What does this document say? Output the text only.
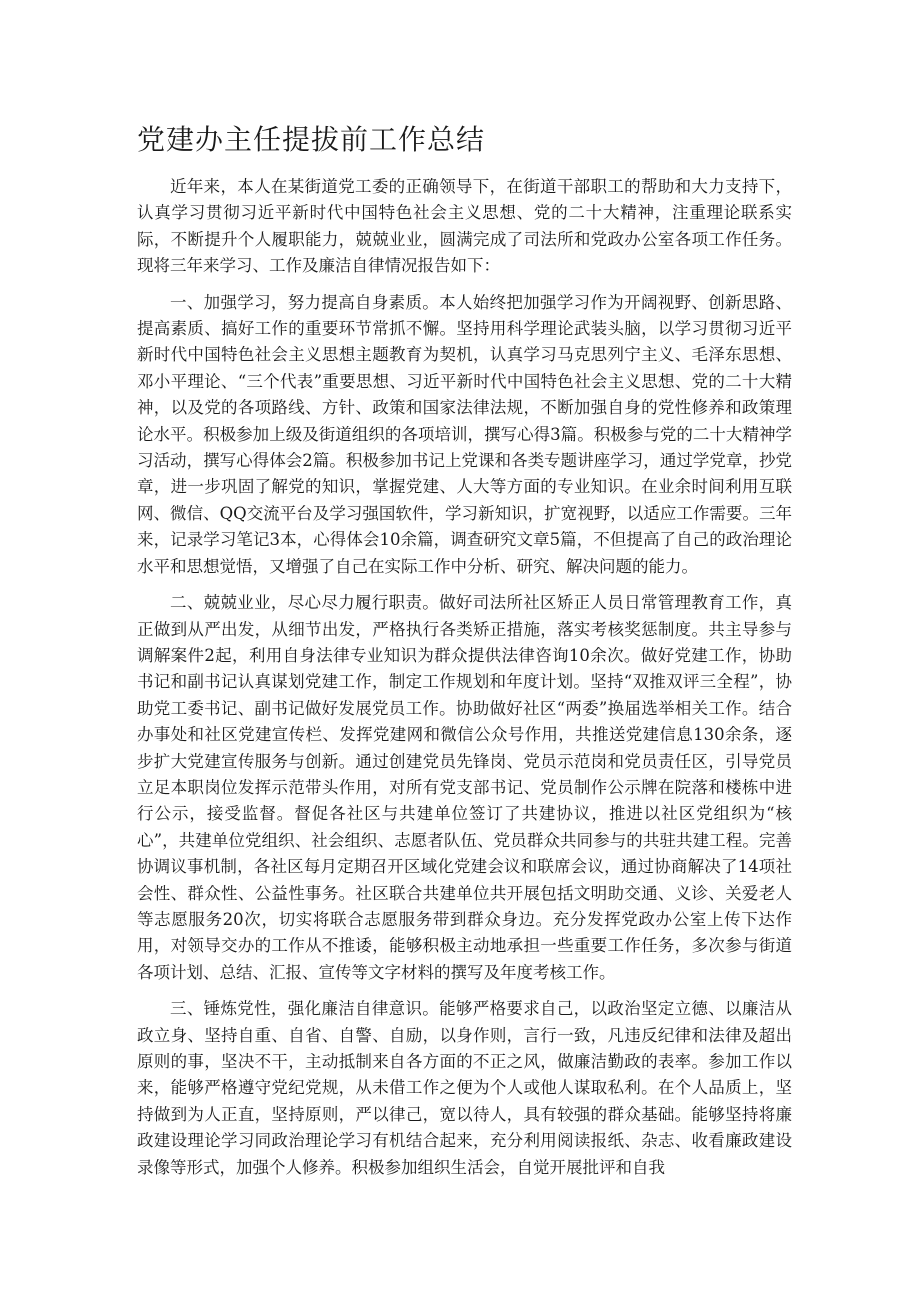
党建办主任提拔前工作总结

近年来，本人在某街道党工委的正确领导下，在街道干部职工的帮助和大力支持下，认真学习贯彻习近平新时代中国特色社会主义思想、党的二十大精神，注重理论联系实际，不断提升个人履职能力，兢兢业业，圆满完成了司法所和党政办公室各项工作任务。现将三年来学习、工作及廉洁自律情况报告如下：

一、加强学习，努力提高自身素质。本人始终把加强学习作为开阔视野、创新思路、提高素质、搞好工作的重要环节常抓不懈。坚持用科学理论武装头脑，以学习贯彻习近平新时代中国特色社会主义思想主题教育为契机，认真学习马克思列宁主义、毛泽东思想、邓小平理论、“三个代表”重要思想、习近平新时代中国特色社会主义思想、党的二十大精神，以及党的各项路线、方针、政策和国家法律法规，不断加强自身的党性修养和政策理论水平。积极参加上级及街道组织的各项培训，撰写心得3篇。积极参与党的二十大精神学习活动，撰写心得体会2篇。积极参加书记上党课和各类专题讲座学习，通过学党章，抄党章，进一步巩固了解党的知识，掌握党建、人大等方面的专业知识。在业余时间利用互联网、微信、QQ交流平台及学习强国软件，学习新知识，扩宽视野，以适应工作需要。三年来，记录学习笔记3本，心得体会10余篇，调查研究文章5篇，不但提高了自己的政治理论水平和思想觉悟，又增强了自己在实际工作中分析、研究、解决问题的能力。

二、兢兢业业，尽心尽力履行职责。做好司法所社区矫正人员日常管理教育工作，真正做到从严出发，从细节出发，严格执行各类矫正措施，落实考核奖惩制度。共主导参与调解案件2起，利用自身法律专业知识为群众提供法律咨询10余次。做好党建工作，协助书记和副书记认真谋划党建工作，制定工作规划和年度计划。坚持“双推双评三全程”，协助党工委书记、副书记做好发展党员工作。协助做好社区“两委”换届选举相关工作。结合办事处和社区党建宣传栏、发挥党建网和微信公众号作用，共推送党建信息130余条，逐步扩大党建宣传服务与创新。通过创建党员先锋岗、党员示范岗和党员责任区，引导党员立足本职岗位发挥示范带头作用，对所有党支部书记、党员制作公示牌在院落和楼栋中进行公示，接受监督。督促各社区与共建单位签订了共建协议，推进以社区党组织为“核心”，共建单位党组织、社会组织、志愿者队伍、党员群众共同参与的共驻共建工程。完善协调议事机制，各社区每月定期召开区域化党建会议和联席会议，通过协商解决了14项社会性、群众性、公益性事务。社区联合共建单位共开展包括文明助交通、义诊、关爱老人等志愿服务20次，切实将联合志愿服务带到群众身边。充分发挥党政办公室上传下达作用，对领导交办的工作从不推诿，能够积极主动地承担一些重要工作任务，多次参与街道各项计划、总结、汇报、宣传等文字材料的撰写及年度考核工作。

三、锤炼党性，强化廉洁自律意识。能够严格要求自己，以政治坚定立德、以廉洁从政立身、坚持自重、自省、自警、自励，以身作则，言行一致，凡违反纪律和法律及超出原则的事，坚决不干，主动抵制来自各方面的不正之风，做廉洁勤政的表率。参加工作以来，能够严格遵守党纪党规，从未借工作之便为个人或他人谋取私利。在个人品质上，坚持做到为人正直，坚持原则，严以律己，宽以待人，具有较强的群众基础。能够坚持将廉政建设理论学习同政治理论学习有机结合起来，充分利用阅读报纸、杂志、收看廉政建设录像等形式，加强个人修养。积极参加组织生活会，自觉开展批评和自我
